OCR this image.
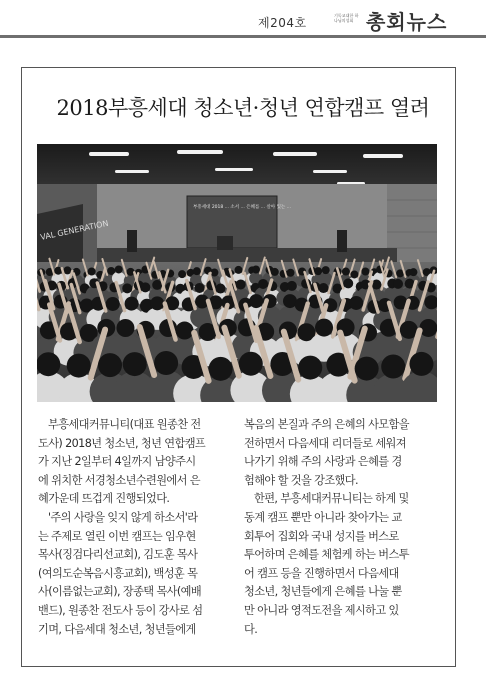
제204호
기독교대한 하나님의성회 총회뉴스
2018부흥세대 청소년·청년 연합캠프 열려
VAL GENERATION
부흥세대 2018 ... 소서 ... 은혜를 ... 살아 있는 ...
부흥세대커뮤니티(대표 원종찬 전
도사) 2018년 청소년, 청년 연합캠프
가 지난 2일부터 4일까지 남양주시
에 위치한 서경청소년수련원에서 은
혜가운데 뜨겁게 진행되었다.
'주의 사랑을 잊지 않게 하소서'라
는 주제로 열린 이번 캠프는 임우현
목사(징검다리선교회), 김도훈 목사
(여의도순복음시흥교회), 백성훈 목
사(이름없는교회), 장종택 목사(예배
밴드), 원종찬 전도사 등이 강사로 섬
기며, 다음세대 청소년, 청년들에게
복음의 본질과 주의 은혜의 사모함을
전하면서 다음세대 리더들로 세워져
나가기 위해 주의 사랑과 은혜를 경
험해야 할 것을 강조했다.
한편, 부흥세대커뮤니티는 하계 및
동계 캠프 뿐만 아니라 찾아가는 교
회투어 집회와 국내 성지를 버스로
투어하며 은혜를 체험케 하는 버스투
어 캠프 등을 진행하면서 다음세대
청소년, 청년들에게 은혜를 나눌 뿐
만 아니라 영적도전을 제시하고 있
다.
